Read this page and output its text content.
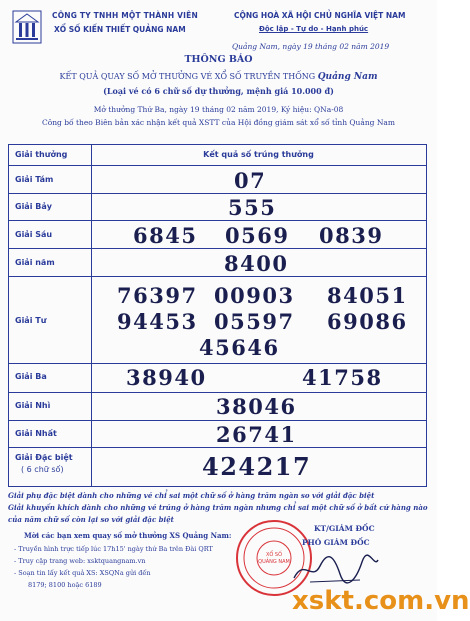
CÔNG TY TNHH MỘT THÀNH VIÊN
XỔ SỐ KIẾN THIẾT QUẢNG NAM
CỘNG HOÀ XÃ HỘI CHỦ NGHĨA VIỆT NAM
Độc lập - Tự do - Hạnh phúc
Quảng Nam, ngày 19 tháng 02 năm 2019
THÔNG BÁO
KẾT QUẢ QUAY SỐ MỞ THƯỞNG VÉ XỔ SỐ TRUYỀN THỐNG Quảng Nam
(Loại vé có 6 chữ số dự thưởng, mệnh giá 10.000 đ)
Mở thưởng Thứ Ba, ngày 19 tháng 02 năm 2019, Ký hiệu: QNa-08
Công bố theo Biên bản xác nhận kết quả XSTT của Hội đồng giám sát xổ số tỉnh Quảng Nam
Giải thưởng	Kết quả số trúng thưởng
Giải Tám	07
Giải Bảy	555
Giải Sáu	6845 0569 0839
Giải năm	8400
Giải Tư
76397 00903 84051
94453 05597 69086
45646
Giải Ba	38940	41758
Giải Nhì	38046
Giải Nhất	26741
Giải Đặc biệt
( 6 chữ số)	424217
Giải phụ đặc biệt dành cho những vé chỉ sai một chữ số ở hàng trăm ngàn so với giải đặc biệt
Giải khuyến khích dành cho những vé trúng ở hàng trăm ngàn nhưng chỉ sai một chữ số ở bất cứ hàng nào
của năm chữ số còn lại so với giải đặc biệt
Mời các bạn xem quay số mở thưởng XS Quảng Nam:
- Truyền hình trực tiếp lúc 17h15' ngày thứ Ba trên Đài QRT
- Truy cập trang web: xsktquangnam.vn
- Soạn tin lấy kết quả XS: XSQNa gửi đến
8179; 8100 hoặc 6189
XỔ SỐ
QUẢNG NAM
KT/GIÁM ĐỐC
PHÓ GIÁM ĐỐC
xskt.com.vn
